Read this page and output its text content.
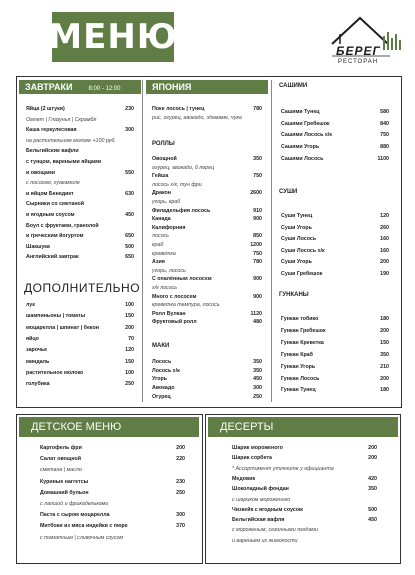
МЕНЮ	БЕРЕГ
РЕСТОРАН
ЗАВТРАКИ	8:00 - 12:00
Яйца (2 штуки)	230
Омлет | Глазунья | Скрамбл
Каша геркулесовая	300
на растительном молоке +100 руб.
Бельгийские вафли
с тунцом, вареными яйцами
и овощами	550
с лососем, гуакамоле
и яйцом Бенедикт	630
Сырники со сметаной
и ягодным соусом	450
Боул с фруктами, гранолой
и греческим йогуртом	650
Шакшука	500
Английский завтрак	650
ДОПОЛНИТЕЛЬНО
лук	100
шампиньоны | томаты	150
моцарелла | шпинат | бекон	200
яйцо	70
зарочье	120
миндаль	150
растительное молоко	100
голубика	250
ЯПОНИЯ
Поке лосось | тунец	780
рис, огурец, авокадо, эдамаме, чука
РОЛЛЫ
Овощной	350
огурец, авокадо, б перец
Гейша	750
лосось х/к, тун фри
Дракон	2600
угорь, краб
Филадельфия лосось	910
Канада	900
Калифорния
лосось	850
краб	1200
креветка	750
Азия	780
угорь, лосось
С опалённым лососем	900
х/к лосось
Много с лососем	900
креветка темпура, лосось
Ролл Вулкан	1120
Фруктовый ролл	480
МАКИ
Лосось	350
Лосось х/к	350
Угорь	450
Авокадо	300
Огурец	250
САШИМИ
Сашими Тунец	580
Сашими Гребешок	840
Сашими Лосось х/к	750
Сашими Угорь	880
Сашими Лосось	1100
СУШИ
Суши Тунец	120
Суши Угорь	260
Суши Лосось	160
Суши Лосось х/к	160
Суши Угорь	200
Суши Гребешок	190
ГУНКАНЫ
Гункан тобико	180
Гункан Гребешок	200
Гункан Креветка	150
Гункан Краб	350
Гункан Угорь	210
Гункан Лосось	200
Гункан Тунец	180
ДЕТСКОЕ МЕНЮ
Картофель фри	200
Салат овощной	220
сметана | масло
Куриные наггетсы	230
Домашний бульон	250
с лапшой и фрикадельками
Паста с сыром моцарелла	300
Митбоки из мяса индейки с пюре	370
с томатным | сливочным соусом
ДЕСЕРТЫ
Шарик мороженого	200
Шарик сорбета	200
* Ассортимент уточните у официанта
Медовик	420
Шоколадный фондан	350
с шариком мороженого
Чизкейк с ягодным соусом	500
Бельгийская вафля	450
с мороженым, сезонными ягодами
и вареньем из жимолости
